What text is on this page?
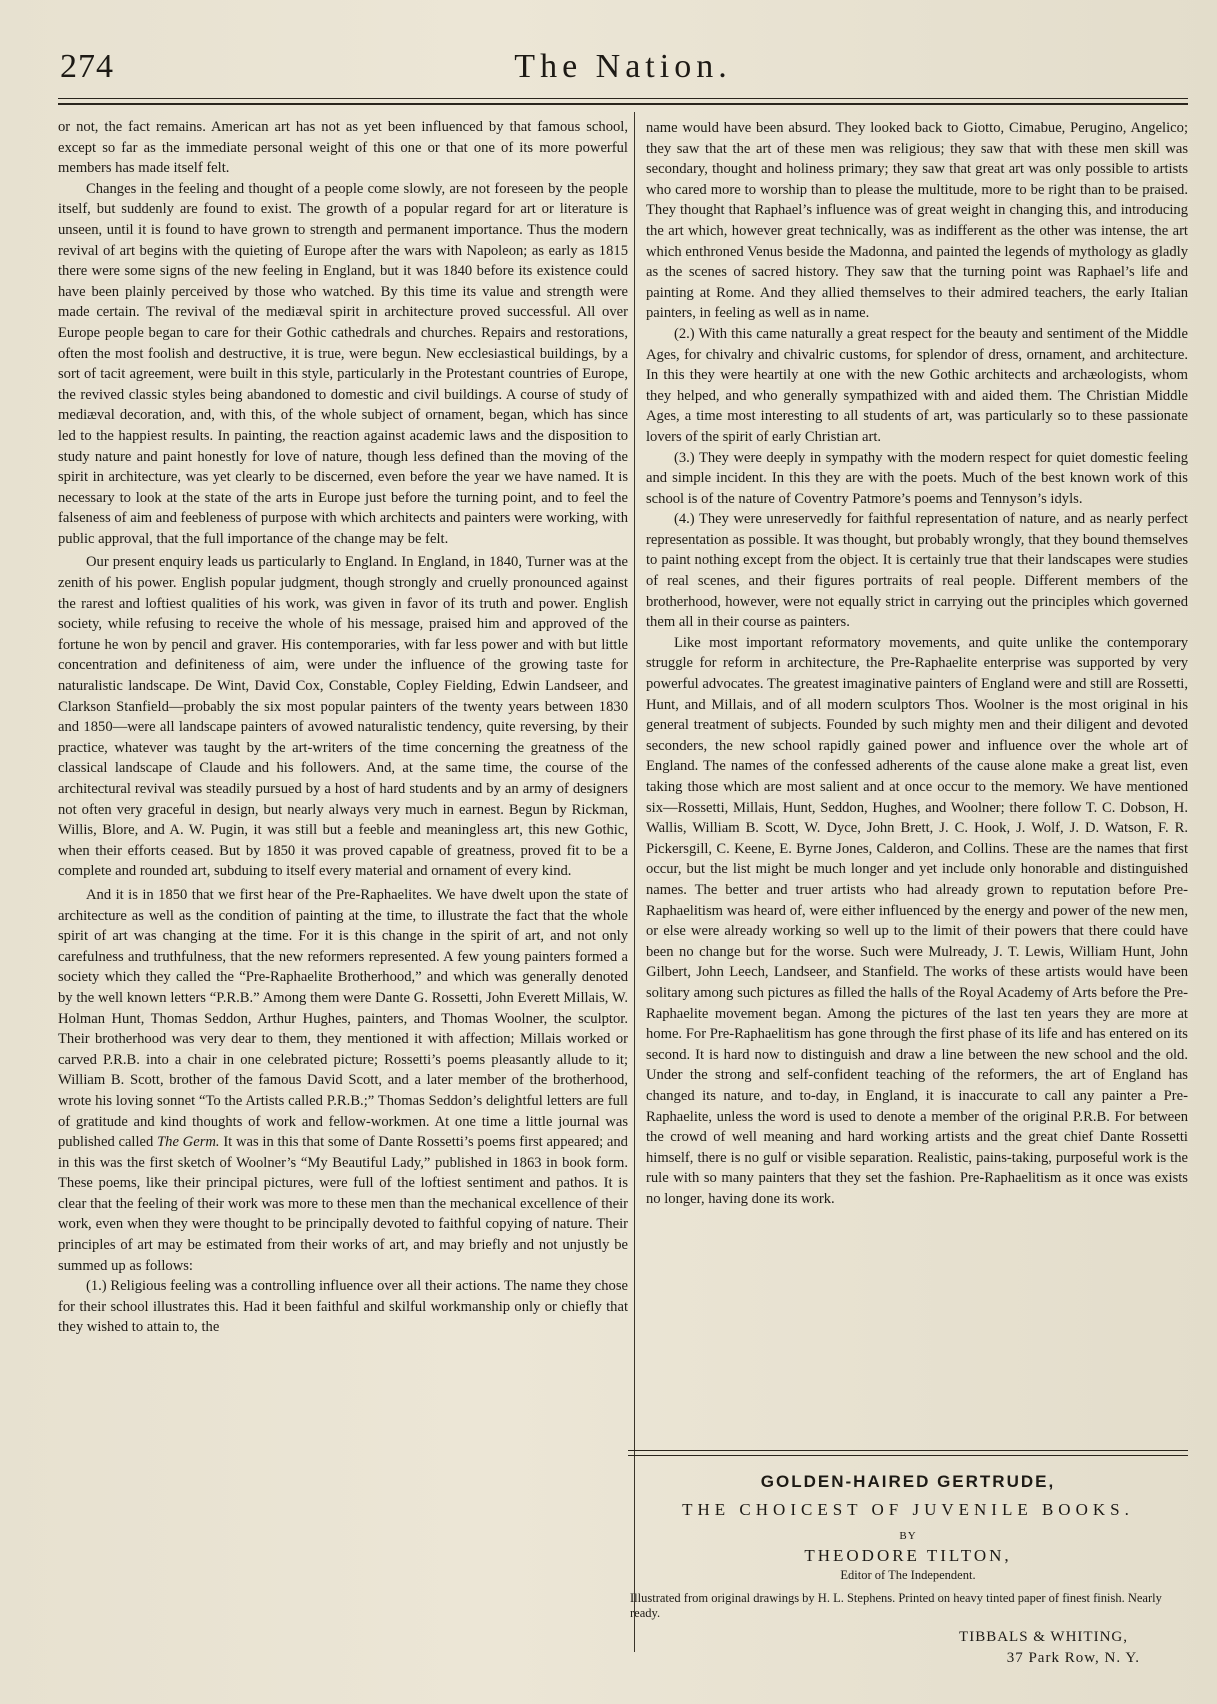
274	The Nation.

or not, the fact remains. American art has not as yet been influenced by that famous school, except so far as the immediate personal weight of this one or that one of its more powerful members has made itself felt.

Changes in the feeling and thought of a people come slowly, are not foreseen by the people itself, but suddenly are found to exist. The growth of a popular regard for art or literature is unseen, until it is found to have grown to strength and permanent importance. Thus the modern revival of art begins with the quieting of Europe after the wars with Napoleon; as early as 1815 there were some signs of the new feeling in England, but it was 1840 before its existence could have been plainly perceived by those who watched. By this time its value and strength were made certain. The revival of the mediæval spirit in architecture proved successful. All over Europe people began to care for their Gothic cathedrals and churches. Repairs and restorations, often the most foolish and destructive, it is true, were begun. New ecclesiastical buildings, by a sort of tacit agreement, were built in this style, particularly in the Protestant countries of Europe, the revived classic styles being abandoned to domestic and civil buildings. A course of study of mediæval decoration, and, with this, of the whole subject of ornament, began, which has since led to the happiest results. In painting, the reaction against academic laws and the disposition to study nature and paint honestly for love of nature, though less defined than the moving of the spirit in architecture, was yet clearly to be discerned, even before the year we have named. It is necessary to look at the state of the arts in Europe just before the turning point, and to feel the falseness of aim and feebleness of purpose with which architects and painters were working, with public approval, that the full importance of the change may be felt.

Our present enquiry leads us particularly to England. In England, in 1840, Turner was at the zenith of his power. English popular judgment, though strongly and cruelly pronounced against the rarest and loftiest qualities of his work, was given in favor of its truth and power. English society, while refusing to receive the whole of his message, praised him and approved of the fortune he won by pencil and graver. His contemporaries, with far less power and with but little concentration and definiteness of aim, were under the influence of the growing taste for naturalistic landscape. De Wint, David Cox, Constable, Copley Fielding, Edwin Landseer, and Clarkson Stanfield—probably the six most popular painters of the twenty years between 1830 and 1850—were all landscape painters of avowed naturalistic tendency, quite reversing, by their practice, whatever was taught by the art-writers of the time concerning the greatness of the classical landscape of Claude and his followers. And, at the same time, the course of the architectural revival was steadily pursued by a host of hard students and by an army of designers not often very graceful in design, but nearly always very much in earnest. Begun by Rickman, Willis, Blore, and A. W. Pugin, it was still but a feeble and meaningless art, this new Gothic, when their efforts ceased. But by 1850 it was proved capable of greatness, proved fit to be a complete and rounded art, subduing to itself every material and ornament of every kind.

And it is in 1850 that we first hear of the Pre-Raphaelites. We have dwelt upon the state of architecture as well as the condition of painting at the time, to illustrate the fact that the whole spirit of art was changing at the time. For it is this change in the spirit of art, and not only carefulness and truthfulness, that the new reformers represented. A few young painters formed a society which they called the “Pre-Raphaelite Brotherhood,” and which was generally denoted by the well known letters “P.R.B.” Among them were Dante G. Rossetti, John Everett Millais, W. Holman Hunt, Thomas Seddon, Arthur Hughes, painters, and Thomas Woolner, the sculptor. Their brotherhood was very dear to them, they mentioned it with affection; Millais worked or carved P.R.B. into a chair in one celebrated picture; Rossetti’s poems pleasantly allude to it; William B. Scott, brother of the famous David Scott, and a later member of the brotherhood, wrote his loving sonnet “To the Artists called P.R.B.;” Thomas Seddon’s delightful letters are full of gratitude and kind thoughts of work and fellow-workmen. At one time a little journal was published called The Germ. It was in this that some of Dante Rossetti’s poems first appeared; and in this was the first sketch of Woolner’s “My Beautiful Lady,” published in 1863 in book form. These poems, like their principal pictures, were full of the loftiest sentiment and pathos. It is clear that the feeling of their work was more to these men than the mechanical excellence of their work, even when they were thought to be principally devoted to faithful copying of nature. Their principles of art may be estimated from their works of art, and may briefly and not unjustly be summed up as follows:

(1.) Religious feeling was a controlling influence over all their actions. The name they chose for their school illustrates this. Had it been faithful and skilful workmanship only or chiefly that they wished to attain to, the

name would have been absurd. They looked back to Giotto, Cimabue, Perugino, Angelico; they saw that the art of these men was religious; they saw that with these men skill was secondary, thought and holiness primary; they saw that great art was only possible to artists who cared more to worship than to please the multitude, more to be right than to be praised. They thought that Raphael’s influence was of great weight in changing this, and introducing the art which, however great technically, was as indifferent as the other was intense, the art which enthroned Venus beside the Madonna, and painted the legends of mythology as gladly as the scenes of sacred history. They saw that the turning point was Raphael’s life and painting at Rome. And they allied themselves to their admired teachers, the early Italian painters, in feeling as well as in name.

(2.) With this came naturally a great respect for the beauty and sentiment of the Middle Ages, for chivalry and chivalric customs, for splendor of dress, ornament, and architecture. In this they were heartily at one with the new Gothic architects and archæologists, whom they helped, and who generally sympathized with and aided them. The Christian Middle Ages, a time most interesting to all students of art, was particularly so to these passionate lovers of the spirit of early Christian art.

(3.) They were deeply in sympathy with the modern respect for quiet domestic feeling and simple incident. In this they are with the poets. Much of the best known work of this school is of the nature of Coventry Patmore’s poems and Tennyson’s idyls.

(4.) They were unreservedly for faithful representation of nature, and as nearly perfect representation as possible. It was thought, but probably wrongly, that they bound themselves to paint nothing except from the object. It is certainly true that their landscapes were studies of real scenes, and their figures portraits of real people. Different members of the brotherhood, however, were not equally strict in carrying out the principles which governed them all in their course as painters.

Like most important reformatory movements, and quite unlike the contemporary struggle for reform in architecture, the Pre-Raphaelite enterprise was supported by very powerful advocates. The greatest imaginative painters of England were and still are Rossetti, Hunt, and Millais, and of all modern sculptors Thos. Woolner is the most original in his general treatment of subjects. Founded by such mighty men and their diligent and devoted seconders, the new school rapidly gained power and influence over the whole art of England. The names of the confessed adherents of the cause alone make a great list, even taking those which are most salient and at once occur to the memory. We have mentioned six—Rossetti, Millais, Hunt, Seddon, Hughes, and Woolner; there follow T. C. Dobson, H. Wallis, William B. Scott, W. Dyce, John Brett, J. C. Hook, J. Wolf, J. D. Watson, F. R. Pickersgill, C. Keene, E. Byrne Jones, Calderon, and Collins. These are the names that first occur, but the list might be much longer and yet include only honorable and distinguished names. The better and truer artists who had already grown to reputation before Pre-Raphaelitism was heard of, were either influenced by the energy and power of the new men, or else were already working so well up to the limit of their powers that there could have been no change but for the worse. Such were Mulready, J. T. Lewis, William Hunt, John Gilbert, John Leech, Landseer, and Stanfield. The works of these artists would have been solitary among such pictures as filled the halls of the Royal Academy of Arts before the Pre-Raphaelite movement began. Among the pictures of the last ten years they are more at home. For Pre-Raphaelitism has gone through the first phase of its life and has entered on its second. It is hard now to distinguish and draw a line between the new school and the old. Under the strong and self-confident teaching of the reformers, the art of England has changed its nature, and to-day, in England, it is inaccurate to call any painter a Pre-Raphaelite, unless the word is used to denote a member of the original P.R.B. For between the crowd of well meaning and hard working artists and the great chief Dante Rossetti himself, there is no gulf or visible separation. Realistic, pains-taking, purposeful work is the rule with so many painters that they set the fashion. Pre-Raphaelitism as it once was exists no longer, having done its work.

GOLDEN-HAIRED GERTRUDE,
THE CHOICEST OF JUVENILE BOOKS.
BY
THEODORE TILTON,
Editor of The Independent.
Illustrated from original drawings by H. L. Stephens. Printed on heavy tinted paper of finest finish. Nearly ready.
TIBBALS & WHITING,
37 Park Row, N. Y.
